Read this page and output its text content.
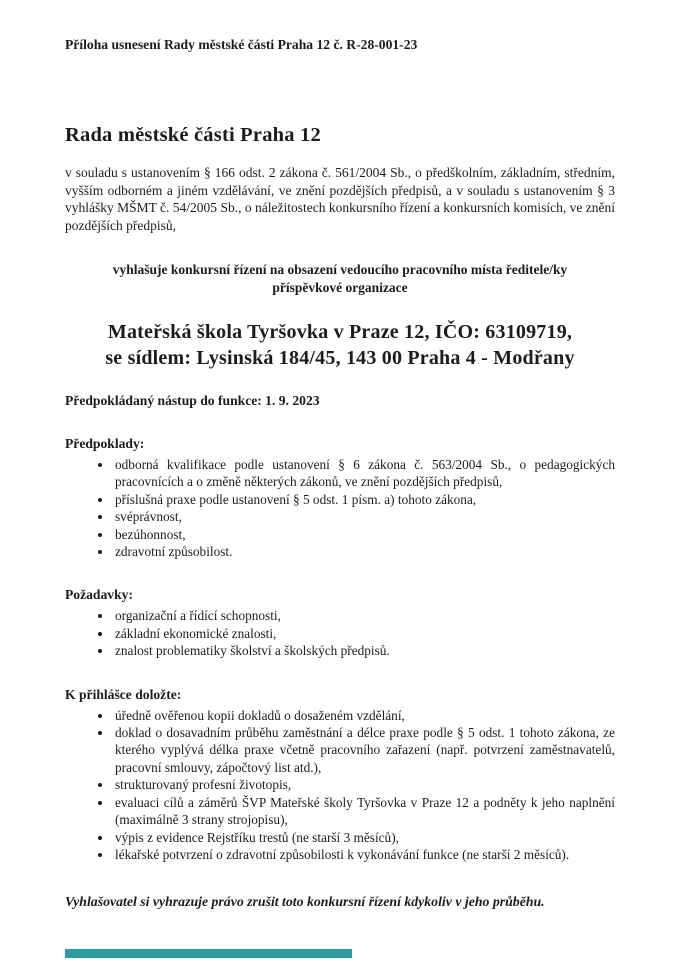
Příloha usnesení Rady městské části Praha 12 č. R-28-001-23
Rada městské části Praha 12
v souladu s ustanovením § 166 odst. 2 zákona č. 561/2004 Sb., o předškolním, základním, středním, vyšším odborném a jiném vzdělávání, ve znění pozdějších předpisů, a v souladu s ustanovením § 3 vyhlášky MŠMT č. 54/2005 Sb., o náležitostech konkursního řízení a konkursních komisích, ve znění pozdějších předpisů,
vyhlašuje konkursní řízení na obsazení vedoucího pracovního místa ředitele/ky příspěvkové organizace
Mateřská škola Tyršovka v Praze 12, IČO: 63109719,
se sídlem: Lysinská 184/45, 143 00 Praha 4 - Modřany
Předpokládaný nástup do funkce: 1. 9. 2023
Předpoklady:
• odborná kvalifikace podle ustanovení § 6 zákona č. 563/2004 Sb., o pedagogických pracovnících a o změně některých zákonů, ve znění pozdějších předpisů,
• příslušná praxe podle ustanovení § 5 odst. 1 písm. a) tohoto zákona,
• svéprávnost,
• bezúhonnost,
• zdravotní způsobilost.
Požadavky:
• organizační a řídící schopnosti,
• základní ekonomické znalosti,
• znalost problematiky školství a školských předpisů.
K přihlášce doložte:
• úředně ověřenou kopii dokladů o dosaženém vzdělání,
• doklad o dosavadním průběhu zaměstnání a délce praxe podle § 5 odst. 1 tohoto zákona, ze kterého vyplývá délka praxe včetně pracovního zařazení (např. potvrzení zaměstnavatelů, pracovní smlouvy, zápočtový list atd.),
• strukturovaný profesní životopis,
• evaluaci cílů a záměrů ŠVP Mateřské školy Tyršovka v Praze 12 a podněty k jeho naplnění (maximálně 3 strany strojopisu),
• výpis z evidence Rejstříku trestů (ne starší 3 měsíců),
• lékařské potvrzení o zdravotní způsobilosti k vykonávání funkce (ne starší 2 měsíců).
Vyhlašovatel si vyhrazuje právo zrušit toto konkursní řízení kdykoliv v jeho průběhu.
